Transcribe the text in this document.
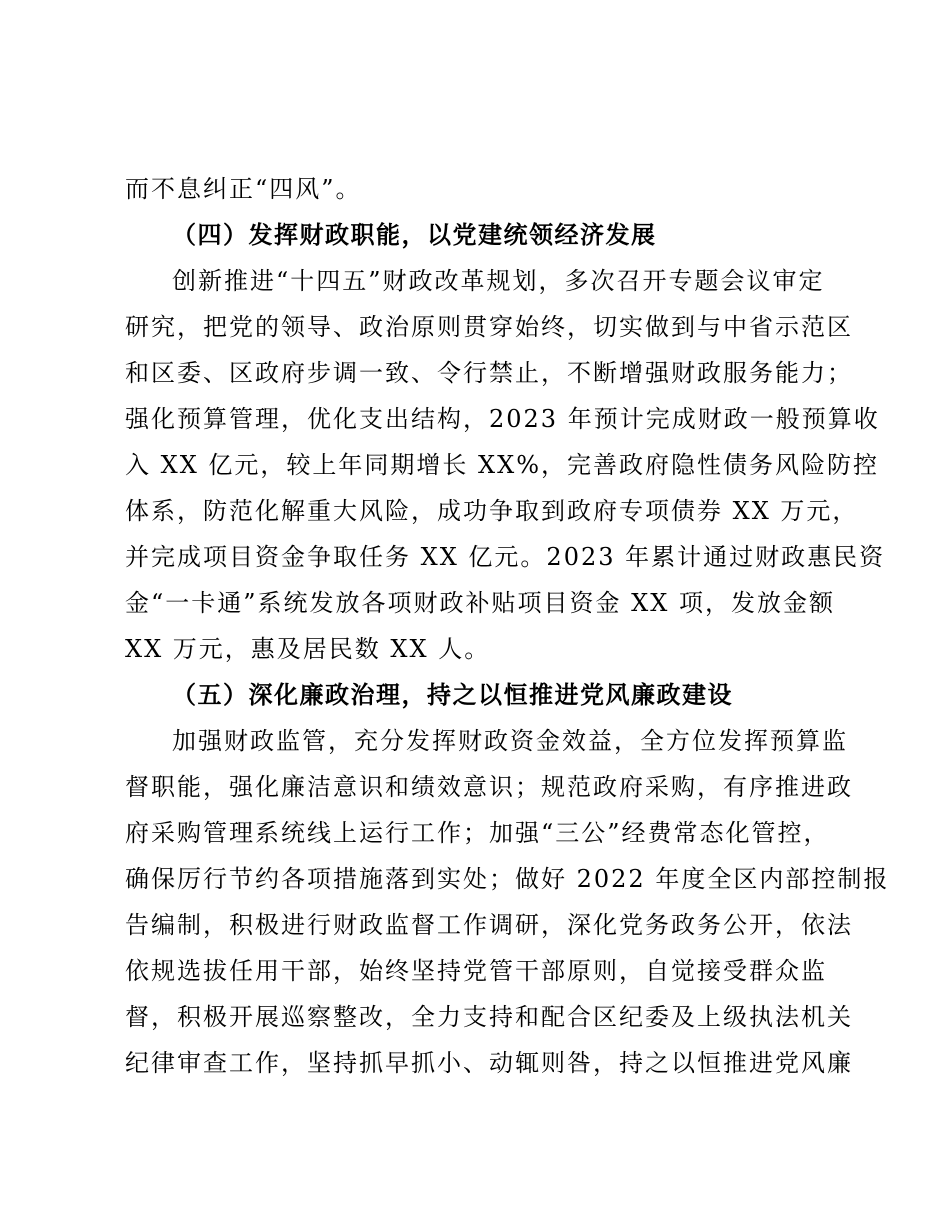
而不息纠正“四风”。
（四）发挥财政职能，以党建统领经济发展
创新推进“十四五”财政改革规划，多次召开专题会议审定
研究，把党的领导、政治原则贯穿始终，切实做到与中省示范区
和区委、区政府步调一致、令行禁止，不断增强财政服务能力；
强化预算管理，优化支出结构，2023 年预计完成财政一般预算收
入 XX 亿元，较上年同期增长 XX%，完善政府隐性债务风险防控
体系，防范化解重大风险，成功争取到政府专项债券 XX 万元，
并完成项目资金争取任务 XX 亿元。2023 年累计通过财政惠民资
金“一卡通”系统发放各项财政补贴项目资金 XX 项，发放金额
XX 万元，惠及居民数 XX 人。
（五）深化廉政治理，持之以恒推进党风廉政建设
加强财政监管，充分发挥财政资金效益，全方位发挥预算监
督职能，强化廉洁意识和绩效意识；规范政府采购，有序推进政
府采购管理系统线上运行工作；加强“三公”经费常态化管控，
确保厉行节约各项措施落到实处；做好 2022 年度全区内部控制报
告编制，积极进行财政监督工作调研，深化党务政务公开，依法
依规选拔任用干部，始终坚持党管干部原则，自觉接受群众监
督，积极开展巡察整改，全力支持和配合区纪委及上级执法机关
纪律审查工作，坚持抓早抓小、动辄则咎，持之以恒推进党风廉
